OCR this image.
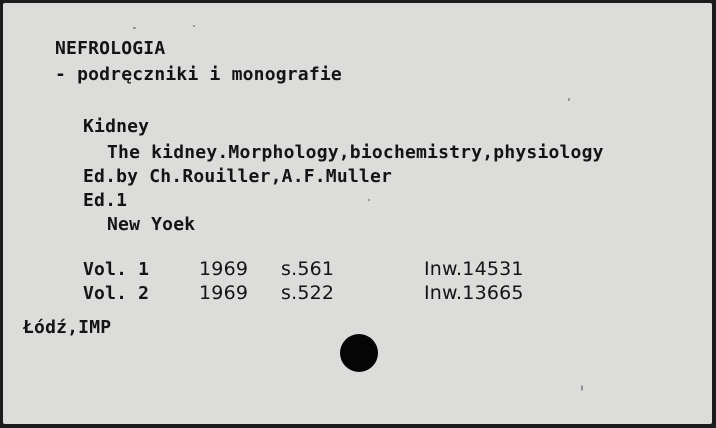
NEFROLOGIA
- podręczniki i monografie
Kidney
The kidney.Morphology,biochemistry,physiology
Ed.by Ch.Rouiller,A.F.Muller
Ed.1
New Yoek
Vol. 1	1969 s.561	Inw.14531
Vol. 2	1969 s.522	Inw.13665
Łódź,IMP
